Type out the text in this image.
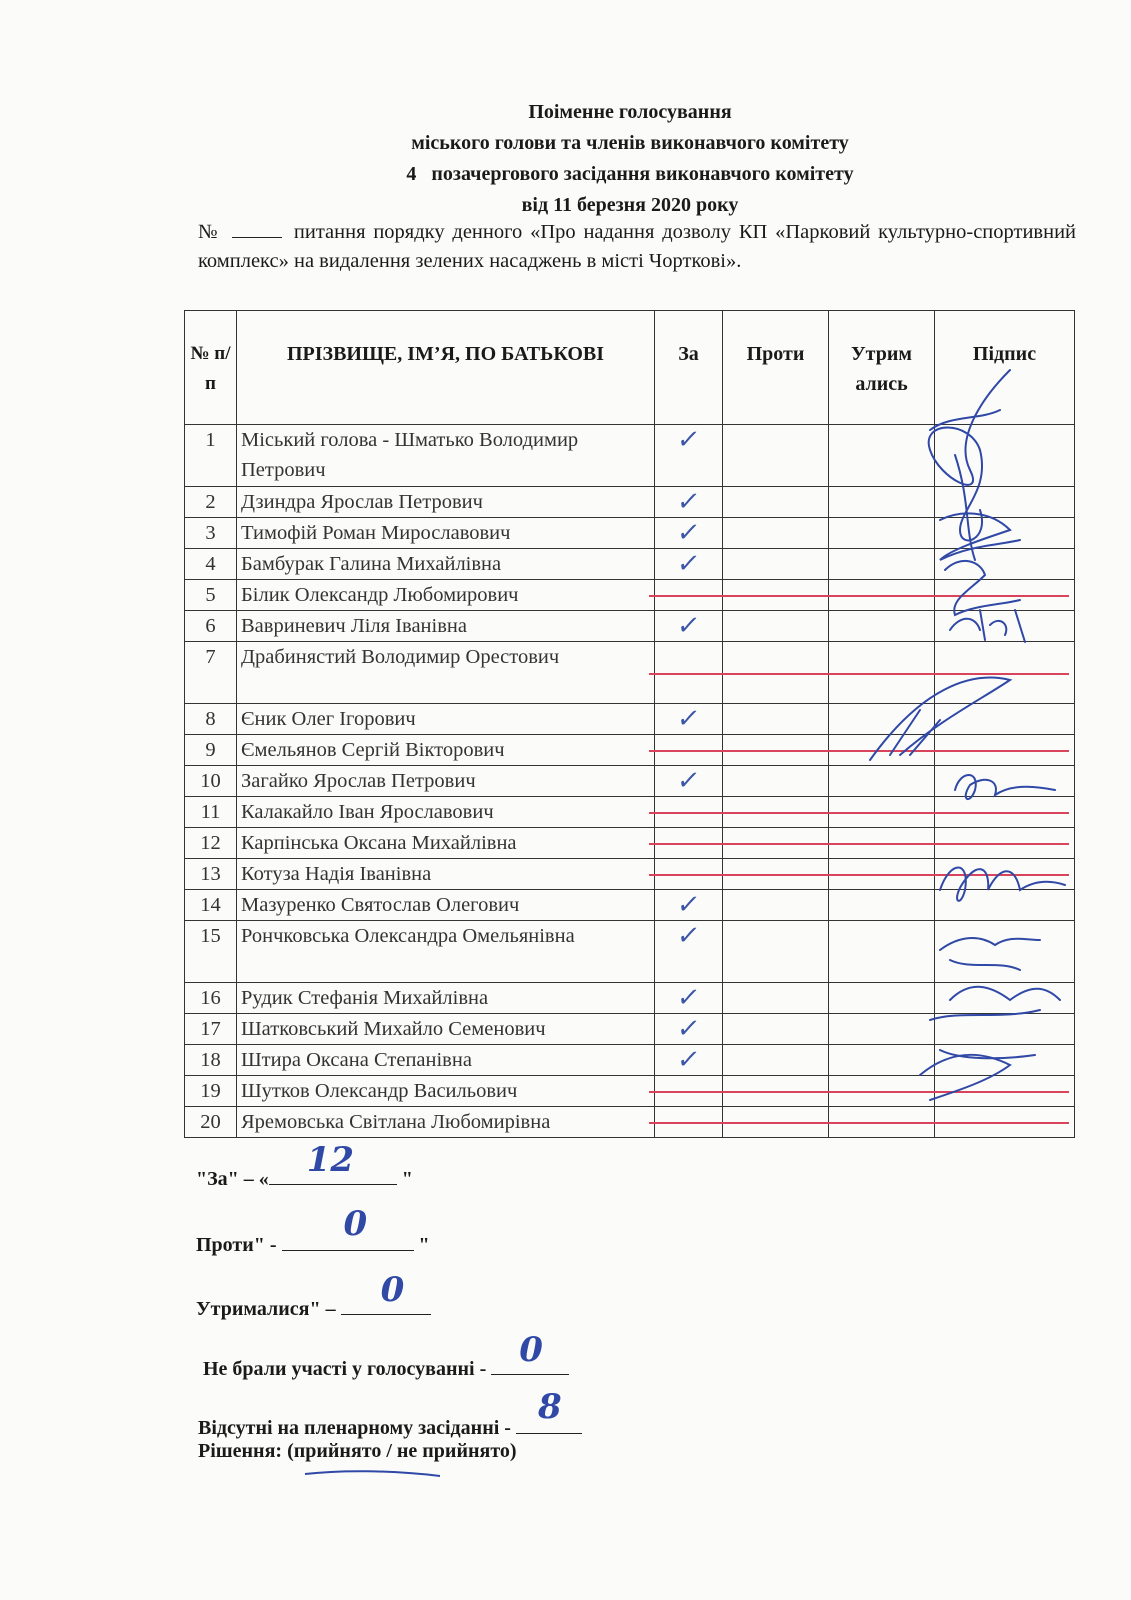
Поіменне голосування
міського голови та членів виконавчого комітету
4   позачергового засідання виконавчого комітету
від 11 березня 2020 року
№	питання порядку денного «Про надання дозволу КП «Парковий культурно-спортивний комплекс» на видалення зелених насаджень в місті Чорткові».
№ п/п	ПРІЗВИЩЕ, ІМ’Я, ПО БАТЬКОВІ	За	Проти	Утрим ались	Підпис
1	Міський голова - Шматько Володимир Петрович	✓			

2	Дзиндра Ярослав Петрович	✓			

3	Тимофій Роман Мирославович	✓			

4	Бамбурак Галина Михайлівна	✓			

5	Білик Олександр Любомирович				
6	Вавриневич Ліля Іванівна	✓			

7	Драбинястий Володимир Орестович				
8	Єник Олег Ігорович	✓			

9	Ємельянов Сергій Вікторович				
10	Загайко Ярослав Петрович	✓			

11	Калакайло Іван Ярославович				
12	Карпінська Оксана Михайлівна				
13	Котуза Надія Іванівна				
14	Мазуренко Святослав Олегович	✓			

15	Рончковська Олександра Омельянівна	✓			

16	Рудик Стефанія Михайлівна	✓			

17	Шатковський Михайло Семенович	✓			

18	Штира Оксана Степанівна	✓			

19	Шутков Олександр Васильович				
20	Яремовська Світлана Любомирівна				
"За" – « 12 "
Проти" -
0
"
Утрималися" – 0
Не брали участі у голосуванні - 0
Відсутні на пленарному засіданні -
8
Рішення: (прийнято / не прийнято)
